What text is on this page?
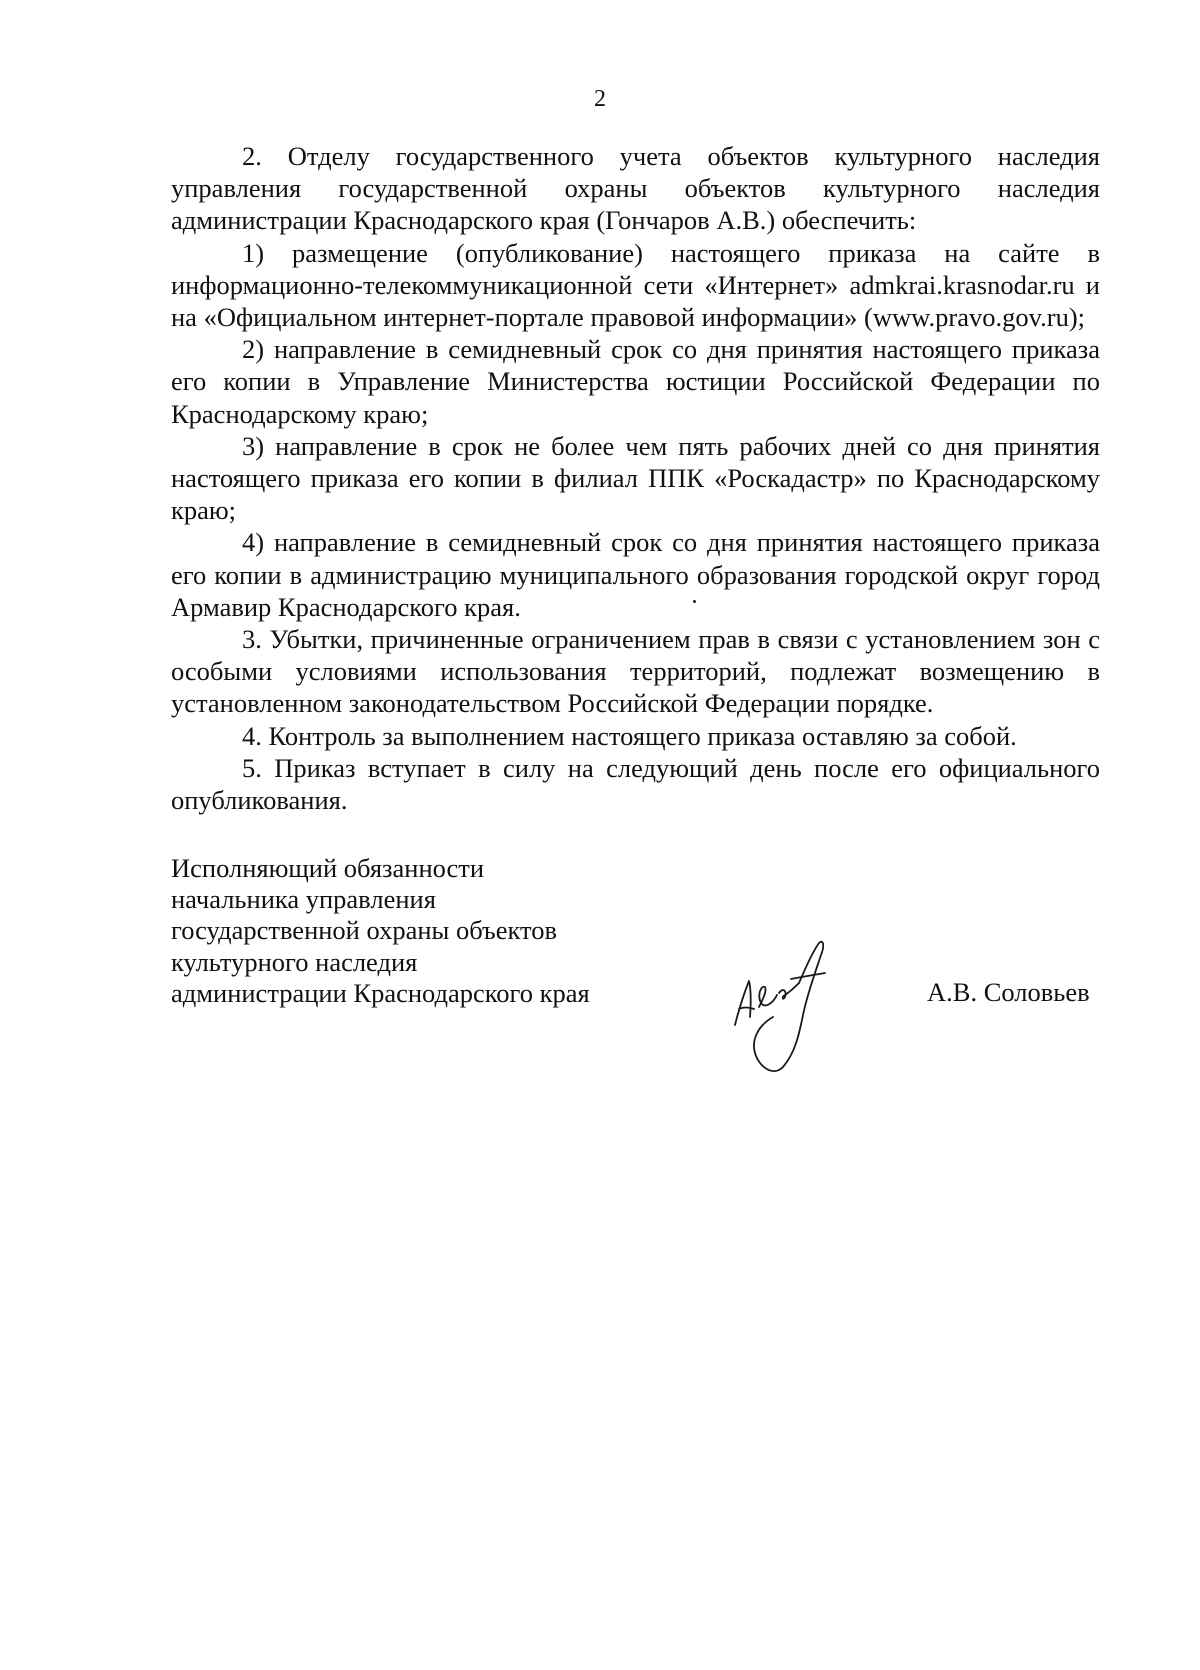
2

2. Отделу государственного учета объектов культурного наследия управления государственной охраны объектов культурного наследия администрации Краснодарского края (Гончаров А.В.) обеспечить:

1) размещение (опубликование) настоящего приказа на сайте в информационно-телекоммуникационной сети «Интернет» admkrai.krasnodar.ru и на «Официальном интернет-портале правовой информации» (www.pravo.gov.ru);

2) направление в семидневный срок со дня принятия настоящего приказа его копии в Управление Министерства юстиции Российской Федерации по Краснодарскому краю;

3) направление в срок не более чем пять рабочих дней со дня принятия настоящего приказа его копии в филиал ППК «Роскадастр» по Краснодарскому краю;

4) направление в семидневный срок со дня принятия настоящего приказа его копии в администрацию муниципального образования городской округ город Армавир Краснодарского края.

3. Убытки, причиненные ограничением прав в связи с установлением зон с особыми условиями использования территорий, подлежат возмещению в установленном законодательством Российской Федерации порядке.

4. Контроль за выполнением настоящего приказа оставляю за собой.

5. Приказ вступает в силу на следующий день после его официального опубликования.

Исполняющий обязанности
начальника управления
государственной охраны объектов
культурного наследия
администрации Краснодарского края	А.В. Соловьев
